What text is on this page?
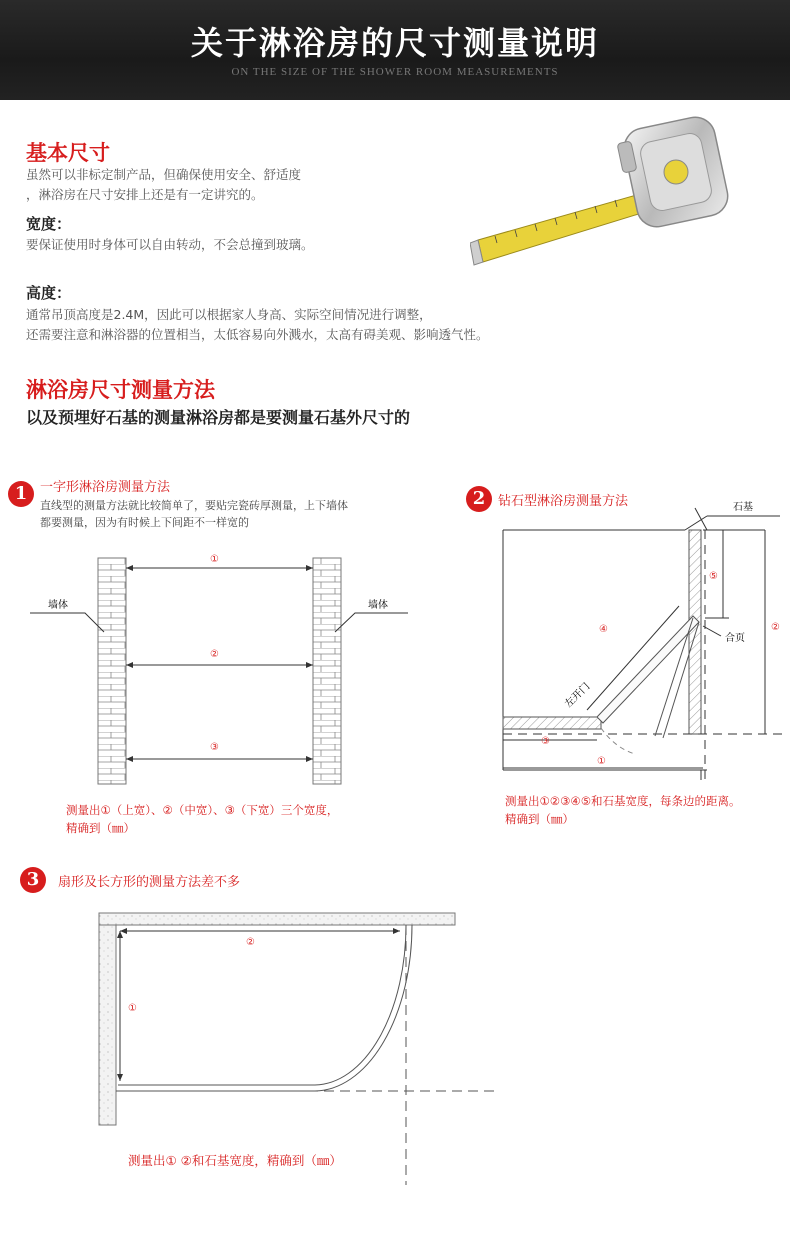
关于淋浴房的尺寸测量说明
ON THE SIZE OF THE SHOWER ROOM MEASUREMENTS
基本尺寸
虽然可以非标定制产品，但确保使用安全、舒适度
，淋浴房在尺寸安排上还是有一定讲究的。
宽度：
要保证使用时身体可以自由转动，不会总撞到玻璃。
高度：
通常吊顶高度是2.4M，因此可以根据家人身高、实际空间情况进行调整，
还需要注意和淋浴器的位置相当，太低容易向外溅水，太高有碍美观、影响透气性。
淋浴房尺寸测量方法
以及预埋好石基的测量淋浴房都是要测量石基外尺寸的
1 一字形淋浴房测量方法
直线型的测量方法就比较简单了，要贴完瓷砖厚测量，上下墙体
都要测量，因为有时候上下间距不一样宽的
墙体	墙体
①
②
③
测量出①（上宽）、②（中宽）、③（下宽）三个宽度，
精确到（㎜）
2 钻石型淋浴房测量方法	石基
合页
左开门
①
②
③
④
⑤
测量出①②③④⑤和石基宽度，每条边的距离。
精确到（㎜）
3	扇形及长方形的测量方法差不多
②
①
测量出① ②和石基宽度，精确到（㎜）
